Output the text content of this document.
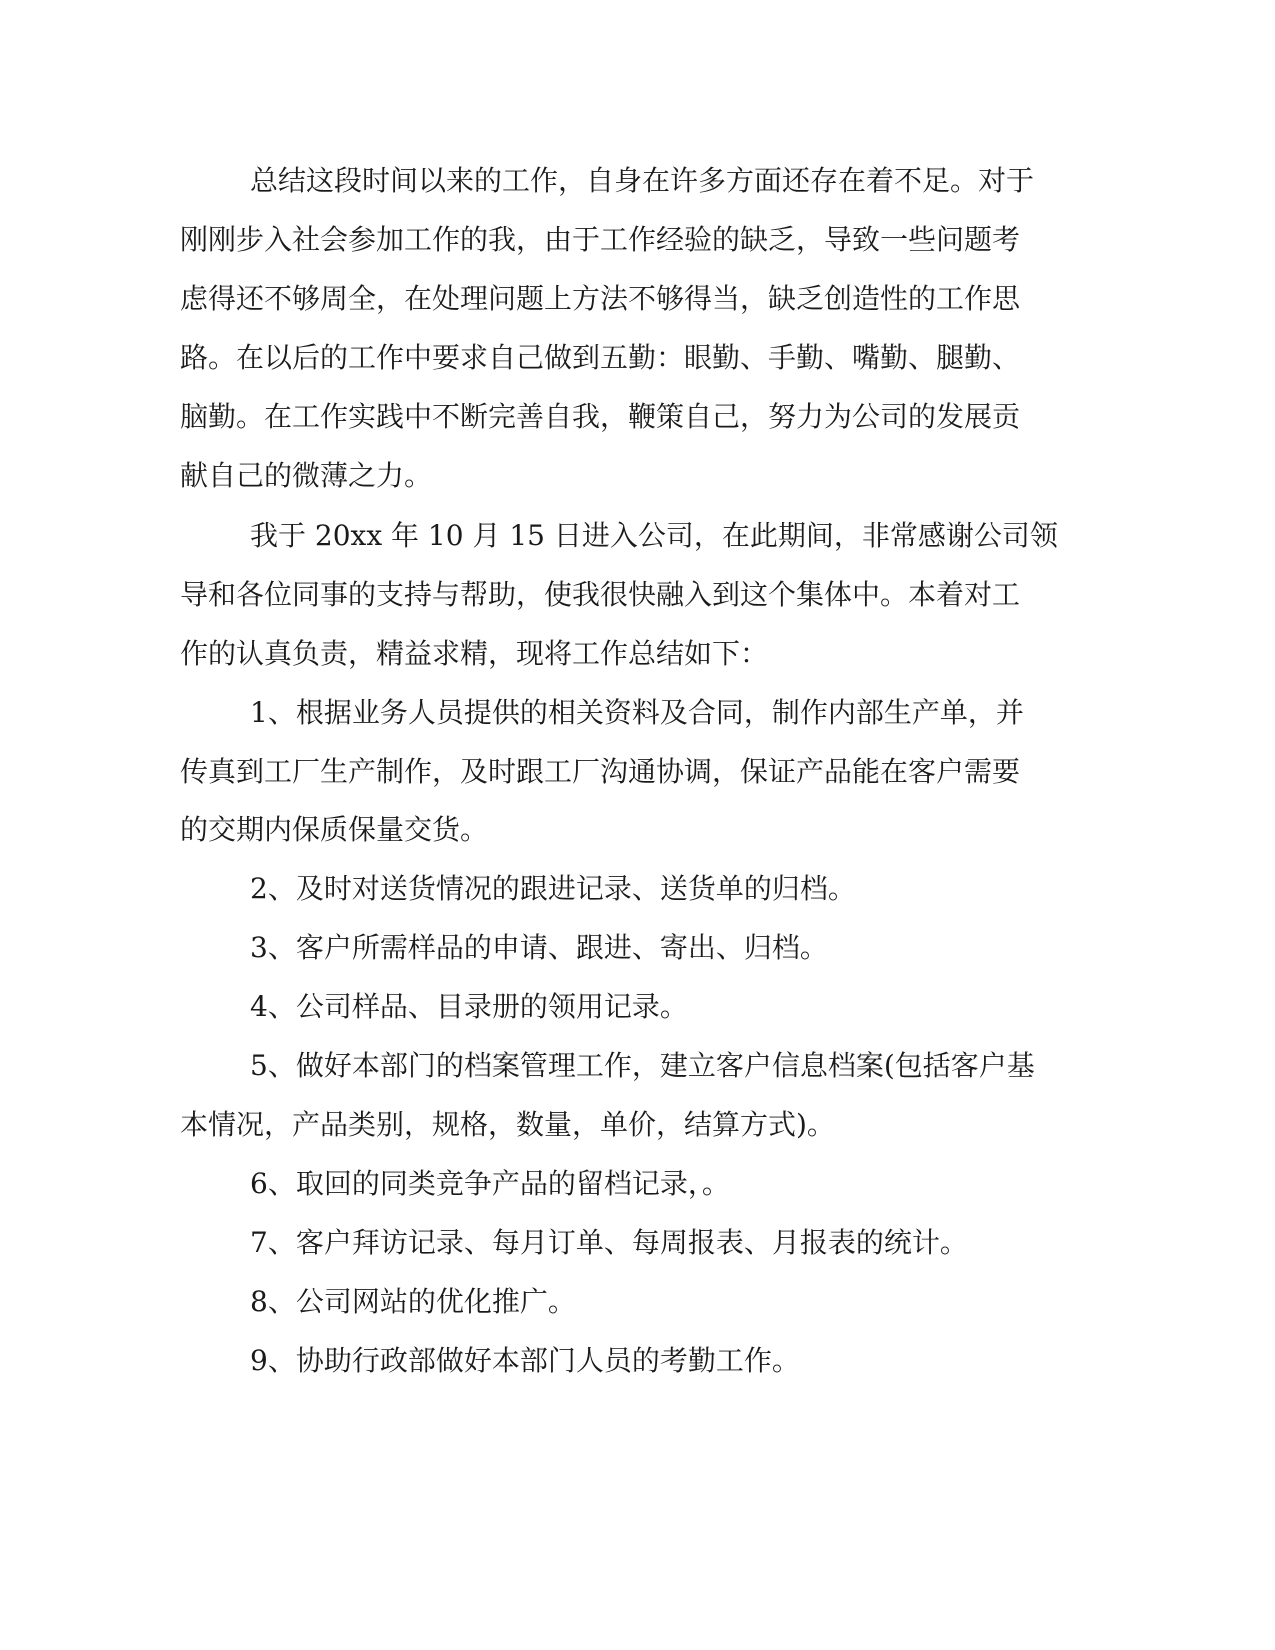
总结这段时间以来的工作，自身在许多方面还存在着不足。对于

刚刚步入社会参加工作的我，由于工作经验的缺乏，导致一些问题考

虑得还不够周全，在处理问题上方法不够得当，缺乏创造性的工作思

路。在以后的工作中要求自己做到五勤：眼勤、手勤、嘴勤、腿勤、

脑勤。在工作实践中不断完善自我，鞭策自己，努力为公司的发展贡

献自己的微薄之力。

我于 20xx 年 10 月 15 日进入公司，在此期间，非常感谢公司领

导和各位同事的支持与帮助，使我很快融入到这个集体中。本着对工

作的认真负责，精益求精，现将工作总结如下：

1、根据业务人员提供的相关资料及合同，制作内部生产单，并

传真到工厂生产制作，及时跟工厂沟通协调，保证产品能在客户需要

的交期内保质保量交货。

2、及时对送货情况的跟进记录、送货单的归档。

3、客户所需样品的申请、跟进、寄出、归档。

4、公司样品、目录册的领用记录。

5、做好本部门的档案管理工作，建立客户信息档案(包括客户基

本情况，产品类别，规格，数量，单价，结算方式)。

6、取回的同类竞争产品的留档记录，。

7、客户拜访记录、每月订单、每周报表、月报表的统计。

8、公司网站的优化推广。

9、协助行政部做好本部门人员的考勤工作。
